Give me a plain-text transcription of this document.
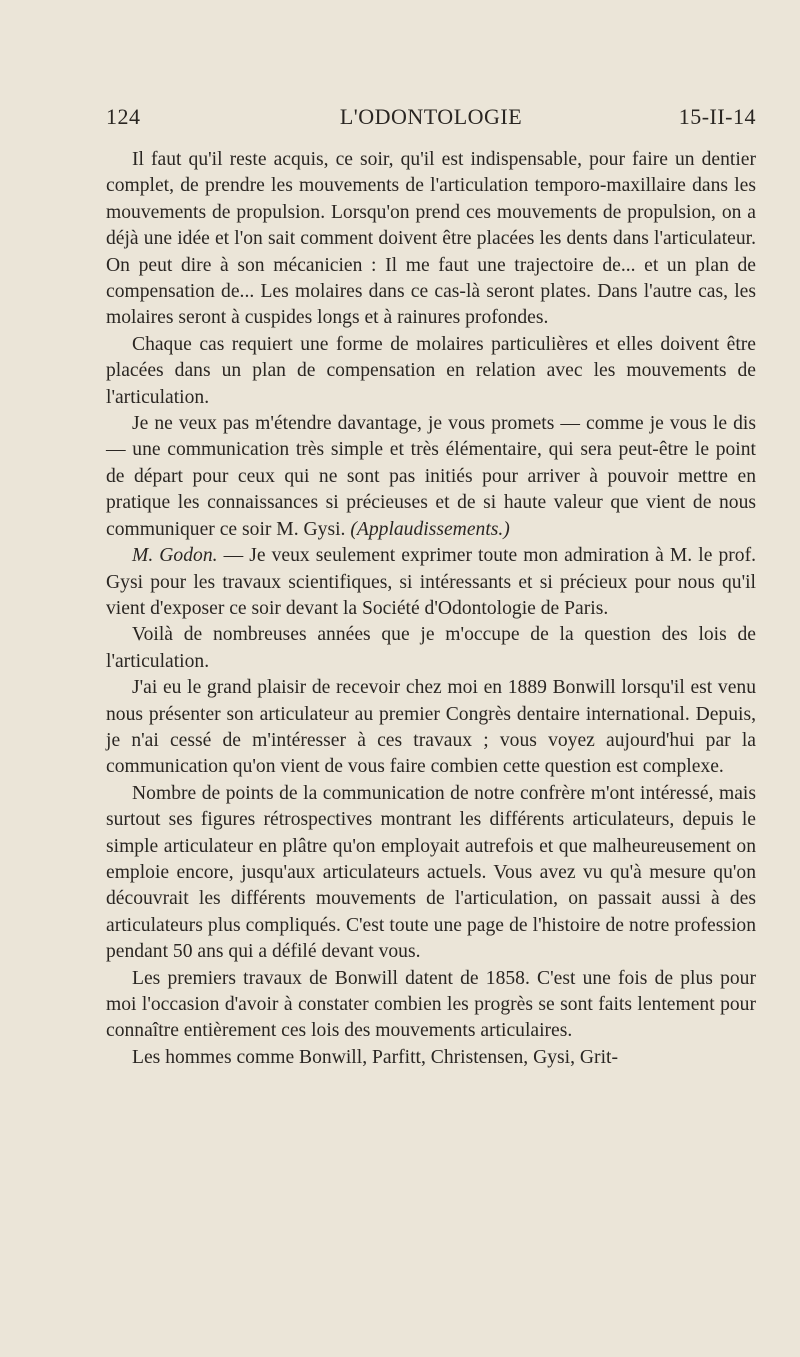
124	L'ODONTOLOGIE	15-II-14

Il faut qu'il reste acquis, ce soir, qu'il est indispensable, pour faire un dentier complet, de prendre les mouvements de l'articulation temporo-maxillaire dans les mouvements de propulsion. Lorsqu'on prend ces mouvements de propulsion, on a déjà une idée et l'on sait comment doivent être placées les dents dans l'articulateur. On peut dire à son mécanicien : Il me faut une trajectoire de... et un plan de compensation de... Les molaires dans ce cas-là seront plates. Dans l'autre cas, les molaires seront à cuspides longs et à rainures profondes.

Chaque cas requiert une forme de molaires particulières et elles doivent être placées dans un plan de compensation en relation avec les mouvements de l'articulation.

Je ne veux pas m'étendre davantage, je vous promets — comme je vous le dis — une communication très simple et très élémentaire, qui sera peut-être le point de départ pour ceux qui ne sont pas initiés pour arriver à pouvoir mettre en pratique les connaissances si précieuses et de si haute valeur que vient de nous communiquer ce soir M. Gysi. (Applaudissements.)

M. Godon. — Je veux seulement exprimer toute mon admiration à M. le prof. Gysi pour les travaux scientifiques, si intéressants et si précieux pour nous qu'il vient d'exposer ce soir devant la Société d'Odontologie de Paris.

Voilà de nombreuses années que je m'occupe de la question des lois de l'articulation.

J'ai eu le grand plaisir de recevoir chez moi en 1889 Bonwill lorsqu'il est venu nous présenter son articulateur au premier Congrès dentaire international. Depuis, je n'ai cessé de m'intéresser à ces travaux ; vous voyez aujourd'hui par la communication qu'on vient de vous faire combien cette question est complexe.

Nombre de points de la communication de notre confrère m'ont intéressé, mais surtout ses figures rétrospectives montrant les différents articulateurs, depuis le simple articulateur en plâtre qu'on employait autrefois et que malheureusement on emploie encore, jusqu'aux articulateurs actuels. Vous avez vu qu'à mesure qu'on découvrait les différents mouvements de l'articulation, on passait aussi à des articulateurs plus compliqués. C'est toute une page de l'histoire de notre profession pendant 50 ans qui a défilé devant vous.

Les premiers travaux de Bonwill datent de 1858. C'est une fois de plus pour moi l'occasion d'avoir à constater combien les progrès se sont faits lentement pour connaître entièrement ces lois des mouvements articulaires.

Les hommes comme Bonwill, Parfitt, Christensen, Gysi, Grit-
